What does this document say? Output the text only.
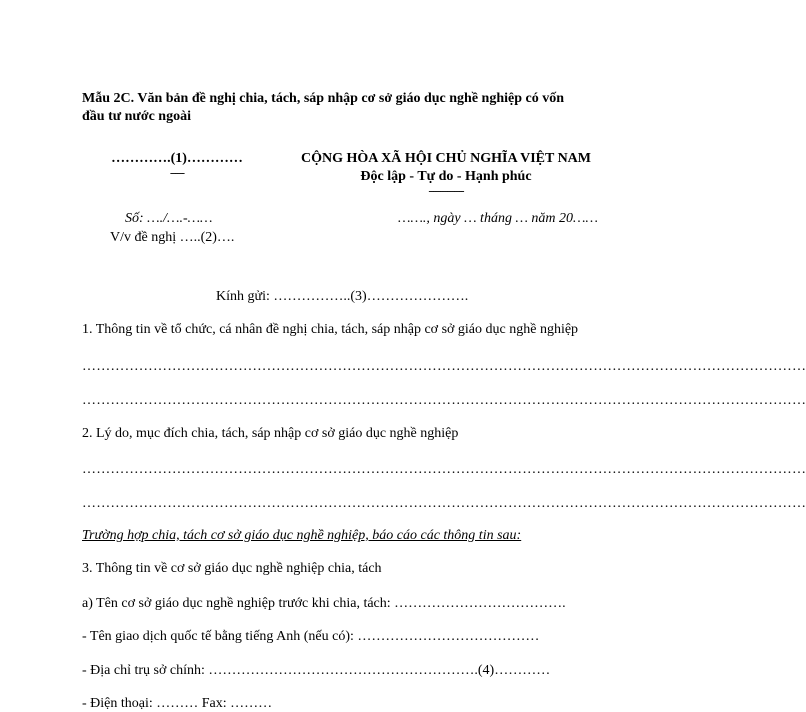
Mẫu 2C. Văn bản đề nghị chia, tách, sáp nhập cơ sở giáo dục nghề nghiệp có vốn
đầu tư nước ngoài
………….(1)…………
------
CỘNG HÒA XÃ HỘI CHỦ NGHĨA VIỆT NAM
Độc lập - Tự do - Hạnh phúc
---------------
Số: …./….-……	……., ngày … tháng … năm 20……
V/v đề nghị …..(2)….
Kính gửi: ……………..(3)………………….
1. Thông tin về tổ chức, cá nhân đề nghị chia, tách, sáp nhập cơ sở giáo dục nghề nghiệp
………………………………………………………………………………………………………………………………………
………………………………………………………………………………………………………………………………………
2. Lý do, mục đích chia, tách, sáp nhập cơ sở giáo dục nghề nghiệp
………………………………………………………………………………………………………………………………………
………………………………………………………………………………………………………………………………………
Trường hợp chia, tách cơ sở giáo dục nghề nghiệp, báo cáo các thông tin sau:
3. Thông tin về cơ sở giáo dục nghề nghiệp chia, tách
a) Tên cơ sở giáo dục nghề nghiệp trước khi chia, tách: ……………………………….
- Tên giao dịch quốc tế bằng tiếng Anh (nếu có): …………………………………
- Địa chỉ trụ sở chính: ………………………………………………….(4)…………
- Điện thoại: ……… Fax: ………
